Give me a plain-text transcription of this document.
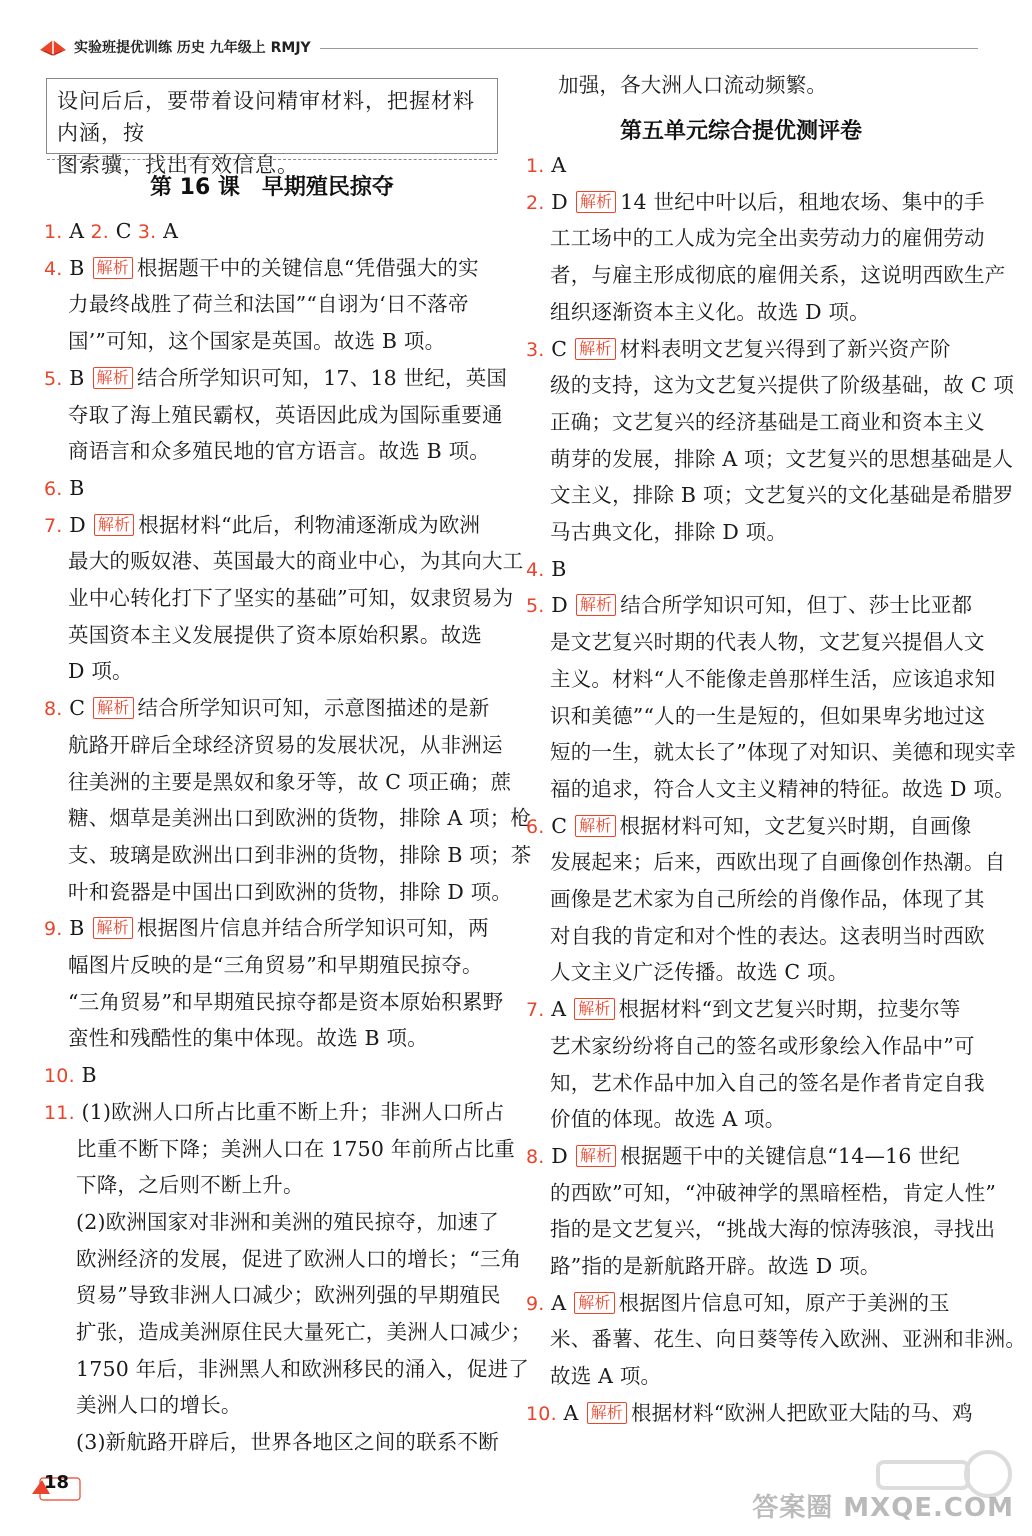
实验班提优训练 历史 九年级上 RMJY
设问后后，要带着设问精审材料，把握材料内涵，按
图索骥，找出有效信息。
第 16 课　早期殖民掠夺
加强，各大洲人口流动频繁。
第五单元综合提优测评卷
1. A 2. C 3. A
4. B 解析 根据题干中的关键信息“凭借强大的实
力最终战胜了荷兰和法国”“自诩为‘日不落帝
国’”可知，这个国家是英国。故选 B 项。
5. B 解析 结合所学知识可知，17、18 世纪，英国
夺取了海上殖民霸权，英语因此成为国际重要通
商语言和众多殖民地的官方语言。故选 B 项。
6. B
7. D 解析 根据材料“此后，利物浦逐渐成为欧洲
最大的贩奴港、英国最大的商业中心，为其向大工
业中心转化打下了坚实的基础”可知，奴隶贸易为
英国资本主义发展提供了资本原始积累。故选
D 项。
8. C 解析 结合所学知识可知，示意图描述的是新
航路开辟后全球经济贸易的发展状况，从非洲运
往美洲的主要是黑奴和象牙等，故 C 项正确；蔗
糖、烟草是美洲出口到欧洲的货物，排除 A 项；枪
支、玻璃是欧洲出口到非洲的货物，排除 B 项；茶
叶和瓷器是中国出口到欧洲的货物，排除 D 项。
9. B 解析 根据图片信息并结合所学知识可知，两
幅图片反映的是“三角贸易”和早期殖民掠夺。
“三角贸易”和早期殖民掠夺都是资本原始积累野
蛮性和残酷性的集中体现。故选 B 项。
10. B
11. (1)欧洲人口所占比重不断上升；非洲人口所占
比重不断下降；美洲人口在 1750 年前所占比重
下降，之后则不断上升。
(2)欧洲国家对非洲和美洲的殖民掠夺，加速了
欧洲经济的发展，促进了欧洲人口的增长；“三角
贸易”导致非洲人口减少；欧洲列强的早期殖民
扩张，造成美洲原住民大量死亡，美洲人口减少；
1750 年后，非洲黑人和欧洲移民的涌入，促进了
美洲人口的增长。
(3)新航路开辟后，世界各地区之间的联系不断
1. A
2. D 解析 14 世纪中叶以后，租地农场、集中的手
工工场中的工人成为完全出卖劳动力的雇佣劳动
者，与雇主形成彻底的雇佣关系，这说明西欧生产
组织逐渐资本主义化。故选 D 项。
3. C 解析 材料表明文艺复兴得到了新兴资产阶
级的支持，这为文艺复兴提供了阶级基础，故 C 项
正确；文艺复兴的经济基础是工商业和资本主义
萌芽的发展，排除 A 项；文艺复兴的思想基础是人
文主义，排除 B 项；文艺复兴的文化基础是希腊罗
马古典文化，排除 D 项。
4. B
5. D 解析 结合所学知识可知，但丁、莎士比亚都
是文艺复兴时期的代表人物，文艺复兴提倡人文
主义。材料“人不能像走兽那样生活，应该追求知
识和美德”“人的一生是短的，但如果卑劣地过这
短的一生，就太长了”体现了对知识、美德和现实幸
福的追求，符合人文主义精神的特征。故选 D 项。
6. C 解析 根据材料可知，文艺复兴时期，自画像
发展起来；后来，西欧出现了自画像创作热潮。自
画像是艺术家为自己所绘的肖像作品，体现了其
对自我的肯定和对个性的表达。这表明当时西欧
人文主义广泛传播。故选 C 项。
7. A 解析 根据材料“到文艺复兴时期，拉斐尔等
艺术家纷纷将自己的签名或形象绘入作品中”可
知，艺术作品中加入自己的签名是作者肯定自我
价值的体现。故选 A 项。
8. D 解析 根据题干中的关键信息“14—16 世纪
的西欧”可知，“冲破神学的黑暗桎梏，肯定人性”
指的是文艺复兴，“挑战大海的惊涛骇浪，寻找出
路”指的是新航路开辟。故选 D 项。
9. A 解析 根据图片信息可知，原产于美洲的玉
米、番薯、花生、向日葵等传入欧洲、亚洲和非洲。
故选 A 项。
10. A 解析 根据材料“欧洲人把欧亚大陆的马、鸡
18
答案圈 MXQE.COM
